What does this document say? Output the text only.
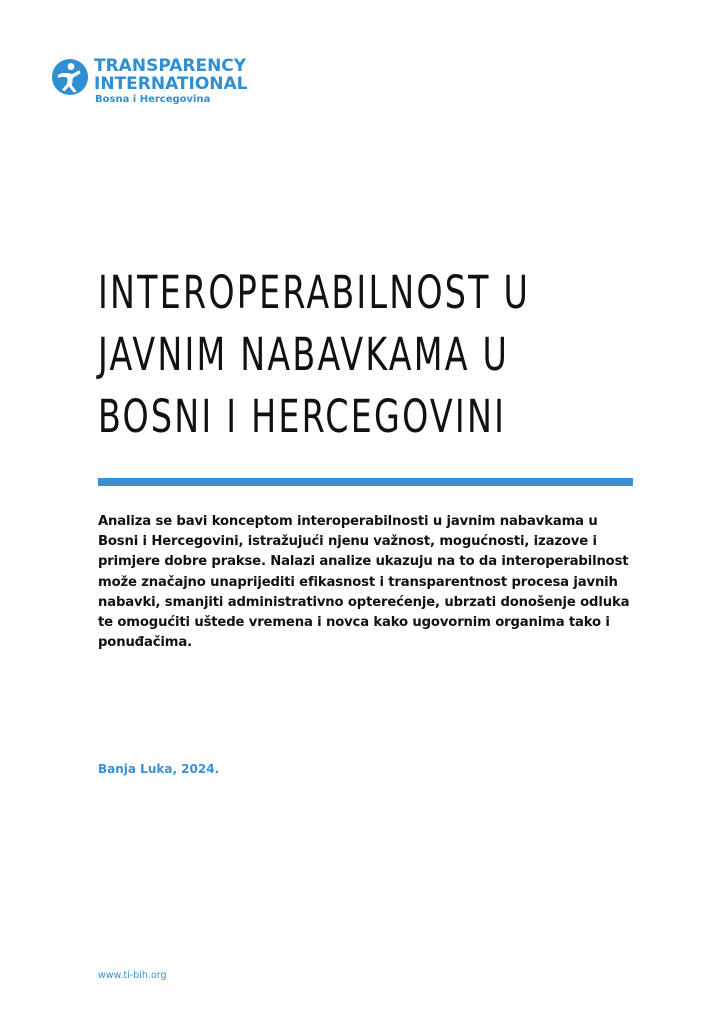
TRANSPARENCY
INTERNATIONAL
Bosna i Hercegovina
INTEROPERABILNOST U
JAVNIM NABAVKAMA U
BOSNI I HERCEGOVINI

Analiza se bavi konceptom interoperabilnosti u javnim nabavkama u Bosni i Hercegovini, istražujući njenu važnost, mogućnosti, izazove i primjere dobre prakse. Nalazi analize ukazuju na to da interoperabilnost može značajno unaprijediti efikasnost i transparentnost procesa javnih nabavki, smanjiti administrativno opterećenje, ubrzati donošenje odluka te omogućiti uštede vremena i novca kako ugovornim organima tako i ponuđačima.

Banja Luka, 2024.

www.ti-bih.org
